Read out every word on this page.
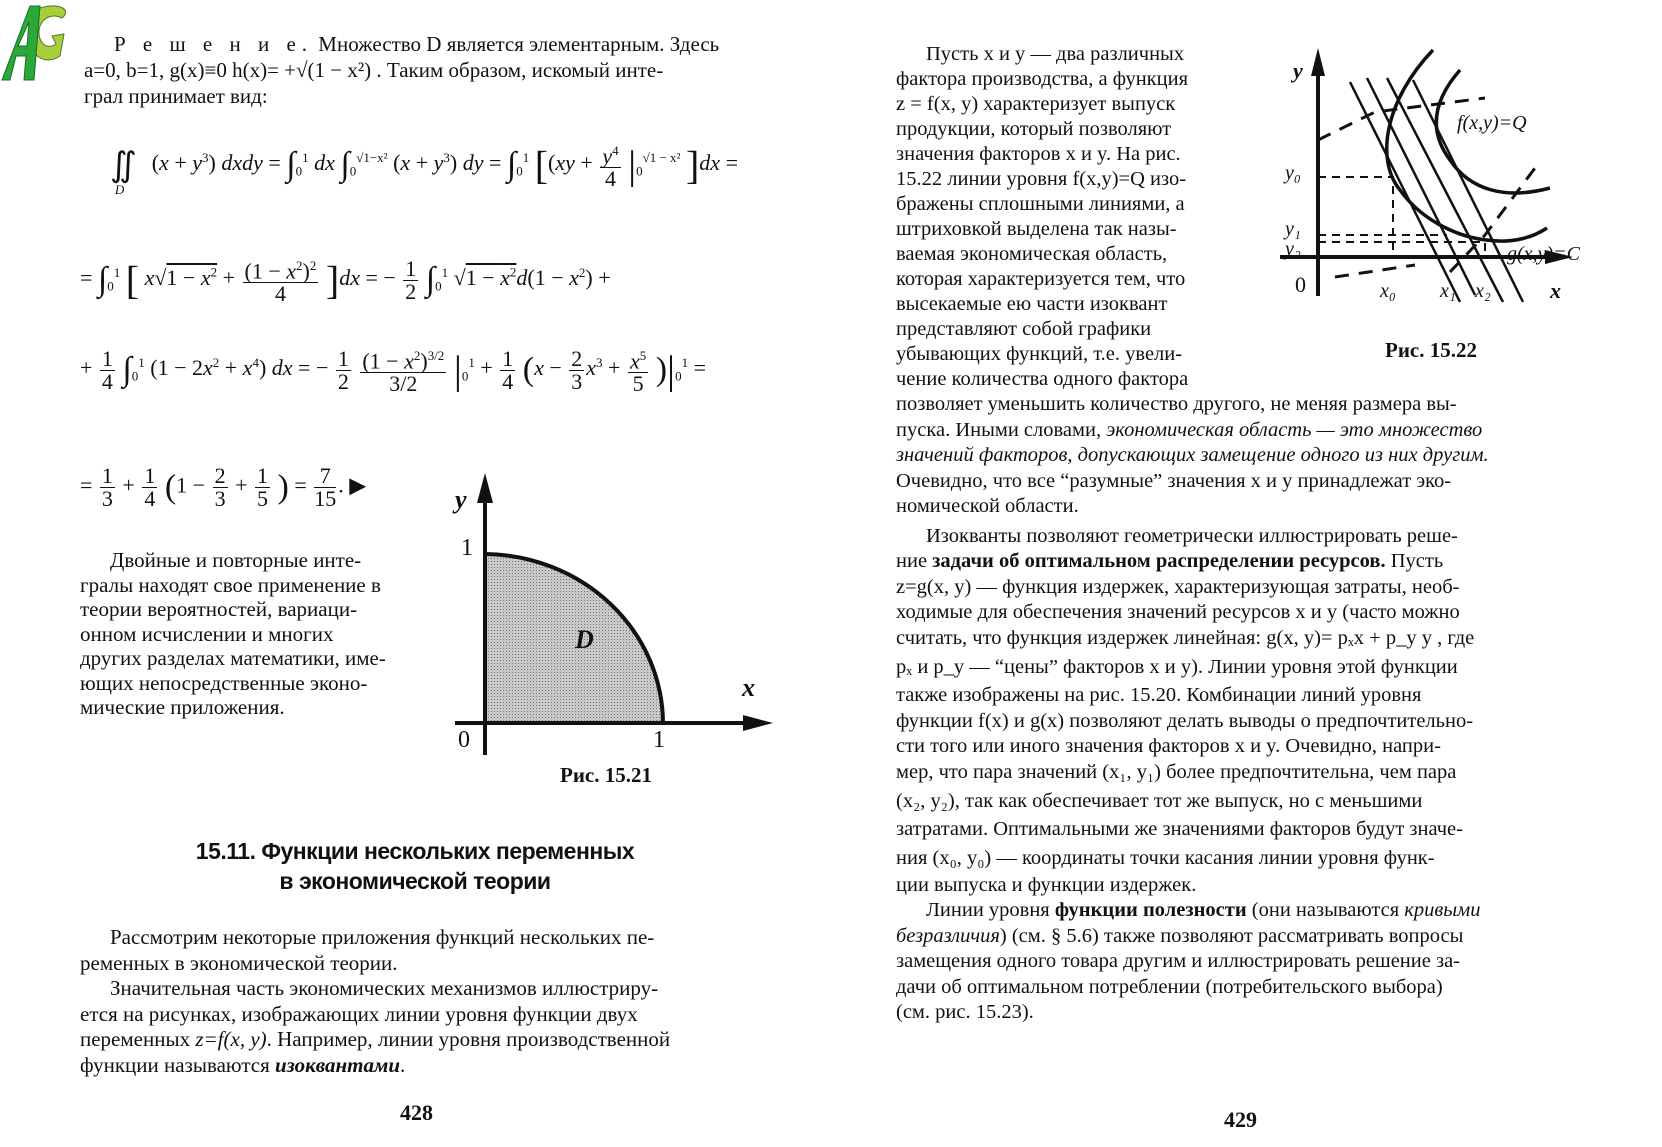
Р е ш е н и е. Множество D является элементарным. Здесь

a=0, b=1, g(x)≡0 h(x)= +√(1 − x²) . Таким образом, искомый инте-

грал принимает вид:

$∬_D$ $(x + y^3)$ dxdy = $\int_0^1$ dx $\int_0^{√1-x^2}$ $(x + y^3)$ dy = $\int_0^1$ [($xy + \frac{y^4}{4} |_0^{√1 - x^2}$ ]dx =
= $\int_0^1$ [ $x√1 - x^2 + \frac{(1 - x^2)^2}{4} ]dx$ = − $\frac{1}{2} \int_0^1$ $√1 - x^2d(1 - x^2)$ +
+ $\frac{1}{4} \int_0^1$ $(1 - 2x^2 + x^4)$ dx = − $\frac{1}{2}$
$\frac{(1 - x^2)^{3/2}}{3/2} |_0^1 + \frac{1}{4} (x - \frac{2}{3} x^3 + \frac{x^5}{5} )|_0^1$ =
= $\frac{1}{3} + \frac{1}{4} (1 - \frac{2}{3} + \frac{1}{5}$ ) = $\frac{7}{15}$ . ▶

Двойные и повторные инте-

гралы находят свое применение в

теории вероятностей, вариаци-

онном исчислении и многих

других разделах математики, име-

ющих непосредственные эконо-

мические приложения.

y
1
x
0	1
D
Рис. 15.21
15.11. Функции нескольких переменных
в экономической теории

Рассмотрим некоторые приложения функций нескольких пе-

ременных в экономической теории.

Значительная часть экономических механизмов иллюстриру-

ется на рисунках, изображающих линии уровня функции двух

переменных z=f(x, y). Например, линии уровня производственной

функции называются изоквантами.

428

Пусть x и y — два различных

фактора производства, а функция

z = f(x, y) характеризует выпуск

продукции, который позволяют

значения факторов x и y. На рис.

15.22 линии уровня f(x,y)=Q изо-

бражены сплошными линиями, а

штриховкой выделена так назы-

ваемая экономическая область,

которая характеризуется тем, что

высекаемые ею части изоквант

представляют собой графики

убывающих функций, т.е. увели-

чение количества одного фактора

y
x
0
y₀
y₁
y₂
x₀ x₁ x₂
f(x,y)=Q
g(x,y)=C
Рис. 15.22

позволяет уменьшить количество другого, не меняя размера вы-

пуска. Иными словами, экономическая область — это множество

значений факторов, допускающих замещение одного из них другим.

Очевидно, что все “разумные” значения x и y принадлежат эко-

номической области.

Изокванты позволяют геометрически иллюстрировать реше-

ние задачи об оптимальном распределении ресурсов. Пусть

z=g(x, y) — функция издержек, характеризующая затраты, необ-

ходимые для обеспечения значений ресурсов x и y (часто можно

считать, что функция издержек линейная: g(x, y)= pₓx + p_y y , где

pₓ и p_y — “цены” факторов x и y). Линии уровня этой функции

также изображены на рис. 15.20. Комбинации линий уровня

функции f(x) и g(x) позволяют делать выводы о предпочтительно-

сти того или иного значения факторов x и y. Очевидно, напри-

мер, что пара значений (x₁, y₁) более предпочтительна, чем пара

(x₂, y₂), так как обеспечивает тот же выпуск, но с меньшими

затратами. Оптимальными же значениями факторов будут значе-

ния (x₀, y₀) — координаты точки касания линии уровня функ-

ции выпуска и функции издержек.

Линии уровня функции полезности (они называются кривыми

безразличия) (см. § 5.6) также позволяют рассматривать вопросы

замещения одного товара другим и иллюстрировать решение за-

дачи об оптимальном потреблении (потребительского выбора)

(см. рис. 15.23).

429
